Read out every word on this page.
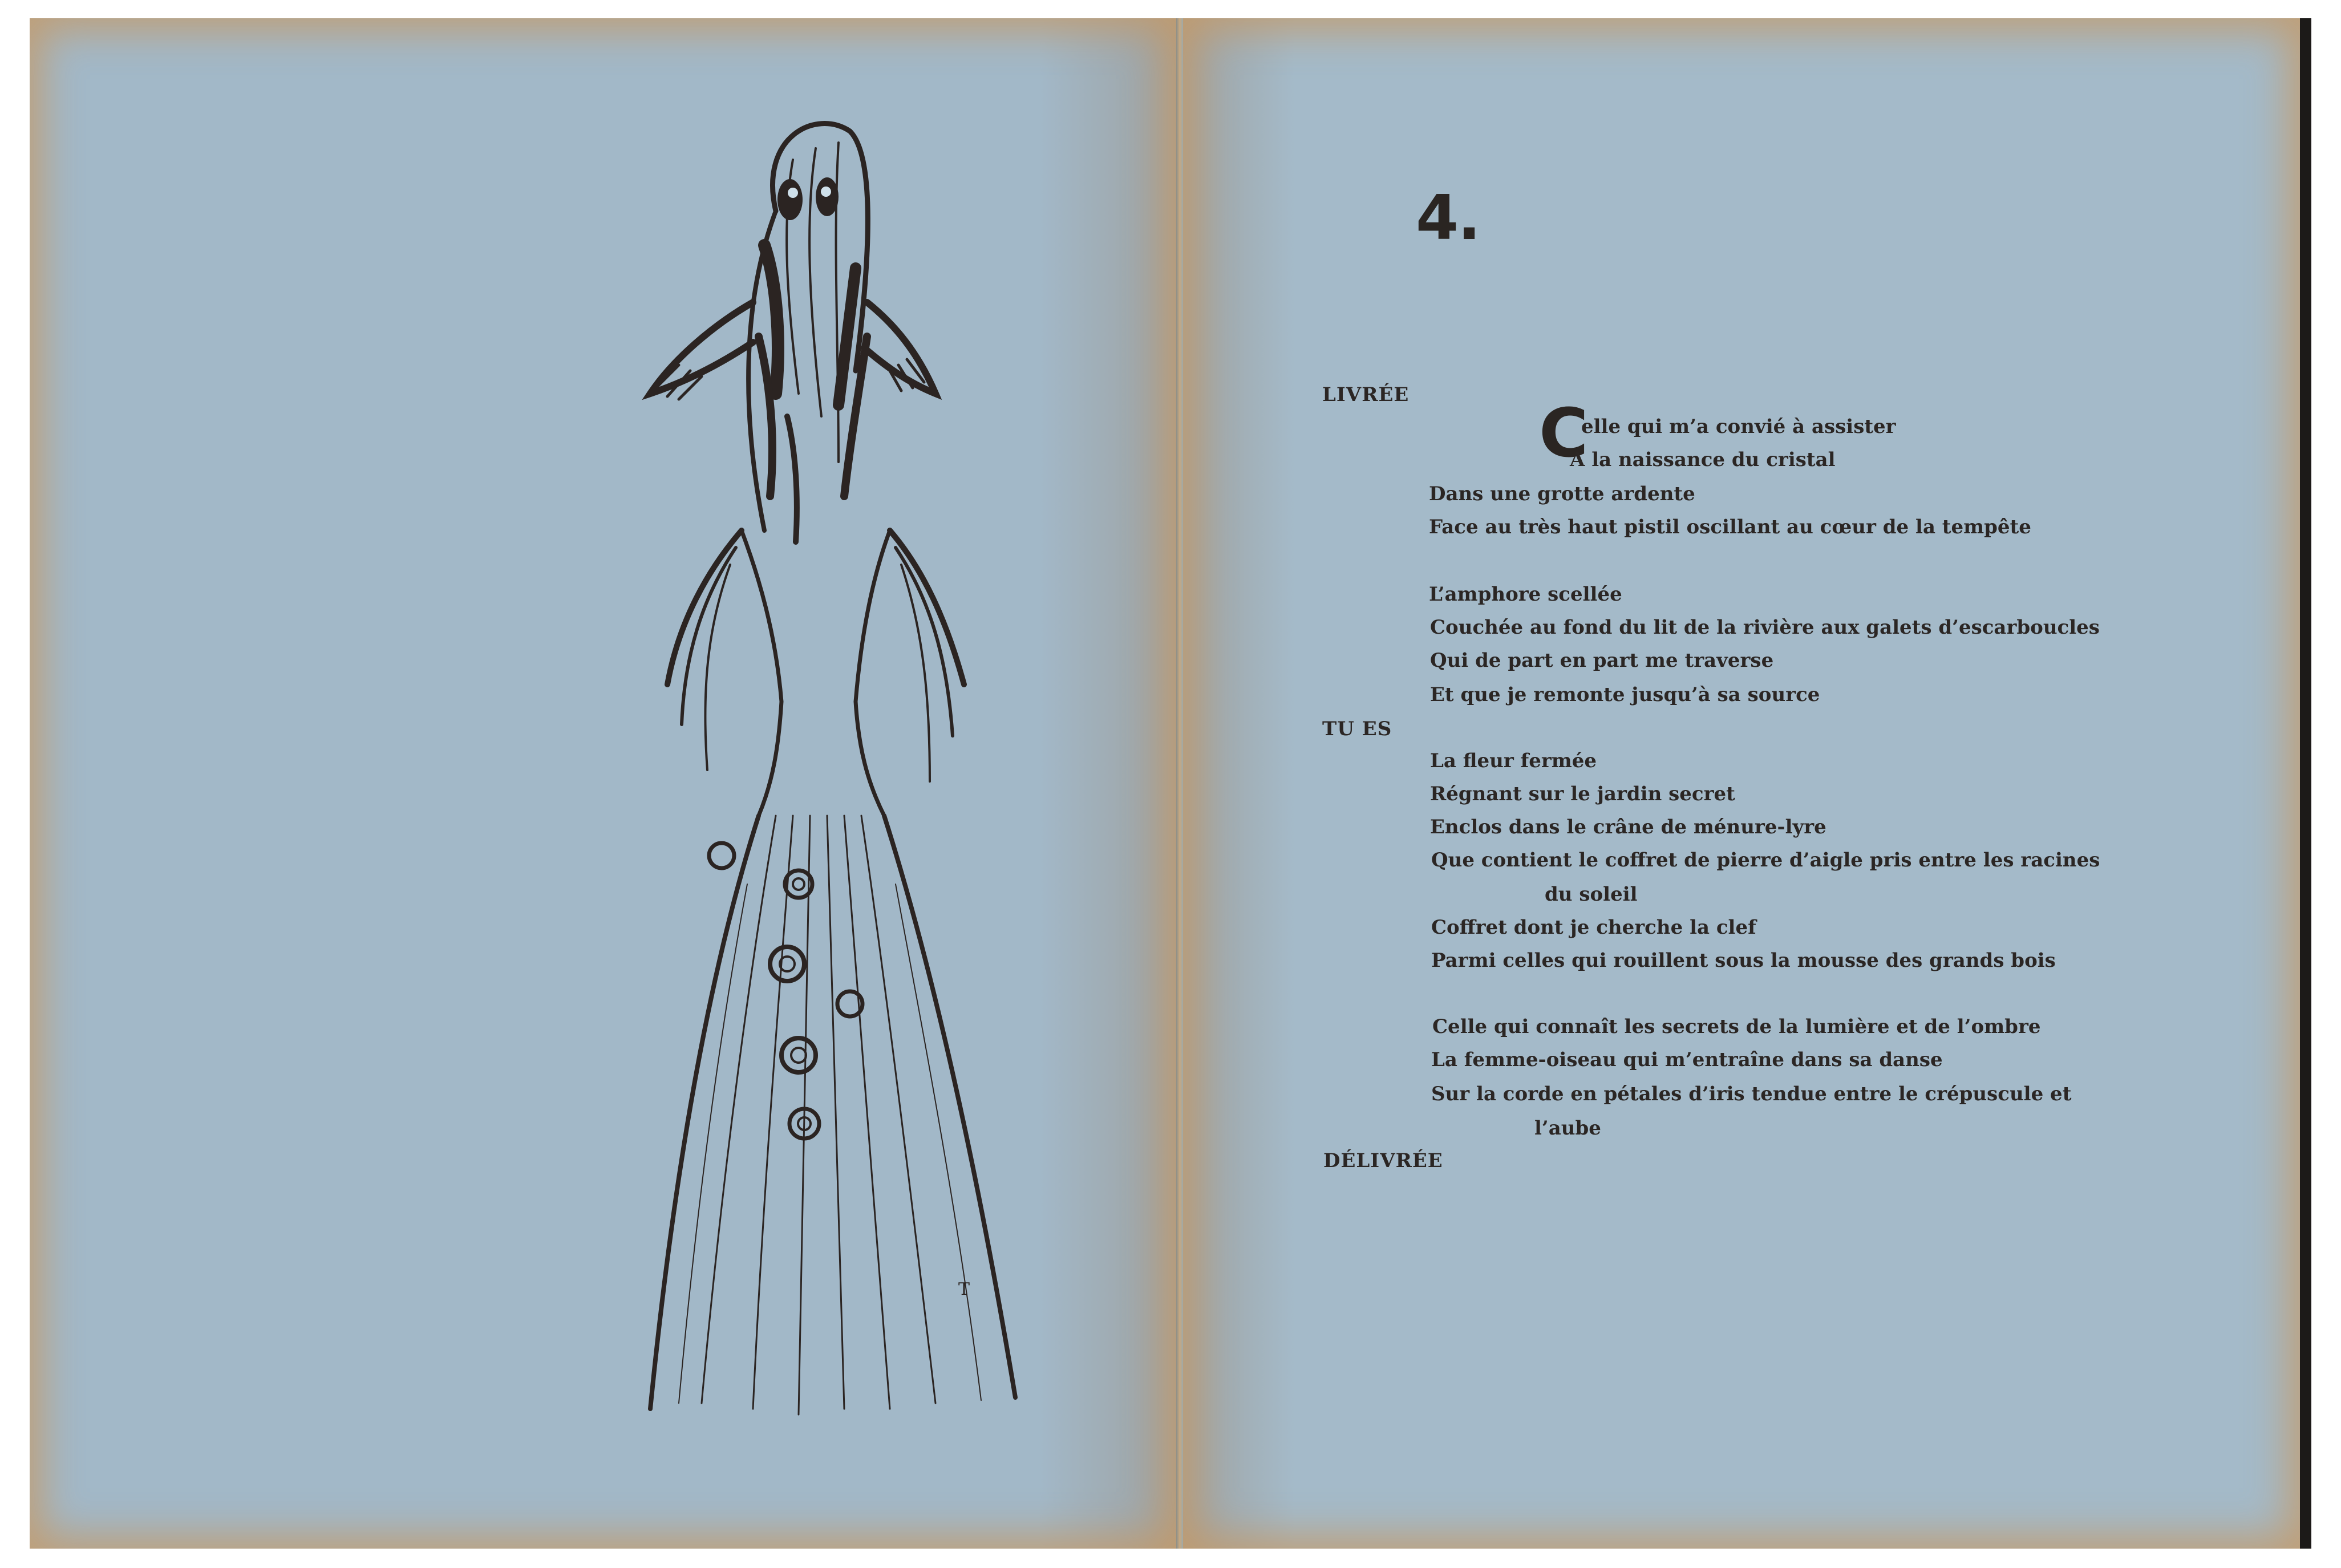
T
4.

LIVRÉE

TU ES

DÉLIVRÉE

C

elle qui m’a convié à assister

A la naissance du cristal

Dans une grotte ardente

Face au très haut pistil oscillant au cœur de la tempête

L’amphore scellée

Couchée au fond du lit de la rivière aux galets d’escarboucles

Qui de part en part me traverse

Et que je remonte jusqu’à sa source

La fleur fermée

Régnant sur le jardin secret

Enclos dans le crâne de ménure-lyre

Que contient le coffret de pierre d’aigle pris entre les racines

du soleil

Coffret dont je cherche la clef

Parmi celles qui rouillent sous la mousse des grands bois

Celle qui connaît les secrets de la lumière et de l’ombre

La femme-oiseau qui m’entraîne dans sa danse

Sur la corde en pétales d’iris tendue entre le crépuscule et

l’aube
